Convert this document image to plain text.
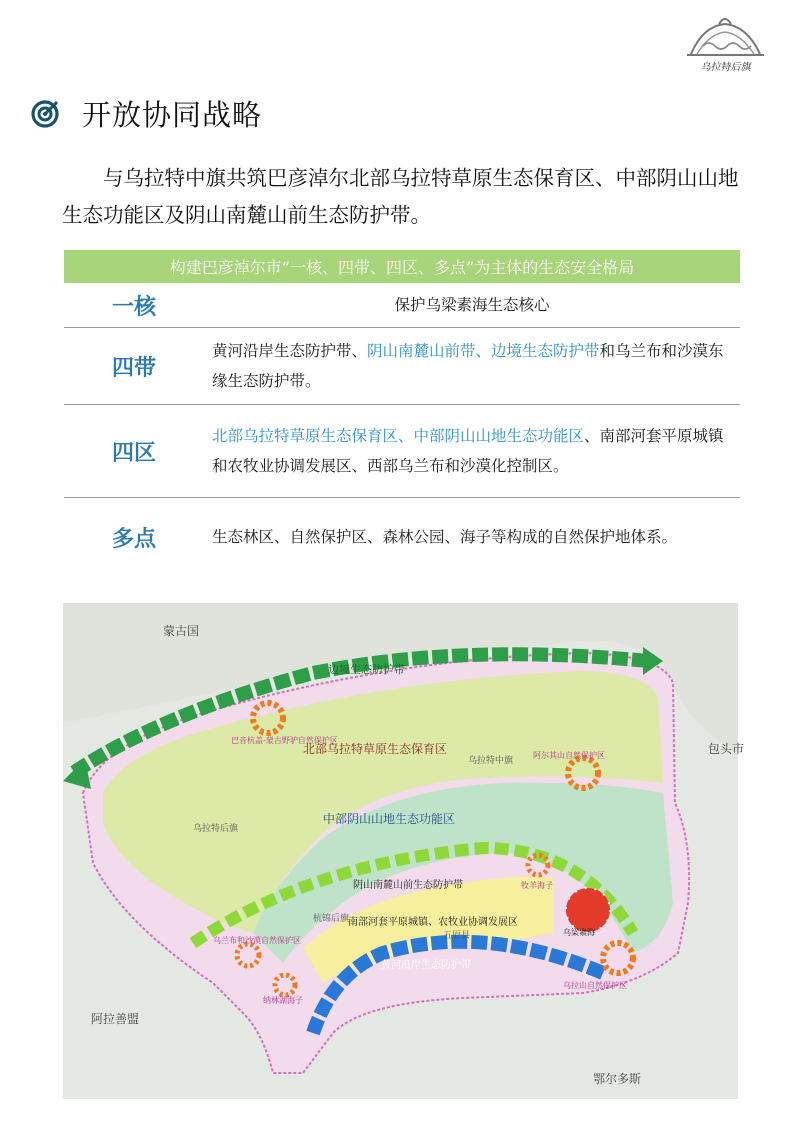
乌拉特后旗
开放协同战略
与乌拉特中旗共筑巴彦淖尔北部乌拉特草原生态保育区、中部阴山山地生态功能区及阴山南麓山前生态防护带。
构建巴彦淖尔市“一核、四带、四区、多点”为主体的生态安全格局
一核	保护乌梁素海生态核心
四带
黄河沿岸生态防护带、阴山南麓山前带、边境生态防护带和乌兰布和沙漠东缘生态防护带。
四区
北部乌拉特草原生态保育区、中部阴山山地生态功能区、南部河套平原城镇和农牧业协调发展区、西部乌兰布和沙漠化控制区。
多点	生态林区、自然保护区、森林公园、海子等构成的自然保护地体系。
蒙古国
包头市
阿拉善盟
鄂尔多斯
边境生态防护带
北部乌拉特草原生态保育区
中部阴山山地生态功能区
阴山南麓山前生态防护带
南部河套平原城镇、农牧业协调发展区
黄河沿岸生态防护带
乌拉特后旗
乌拉特中旗
杭锦后旗
五原县
巴音杭盖-蒙古野驴自然保护区
阿尔其山自然保护区
牧羊海子
乌兰布和沙漠自然保护区
纳林湖海子
乌拉山自然保护区
乌梁素海
